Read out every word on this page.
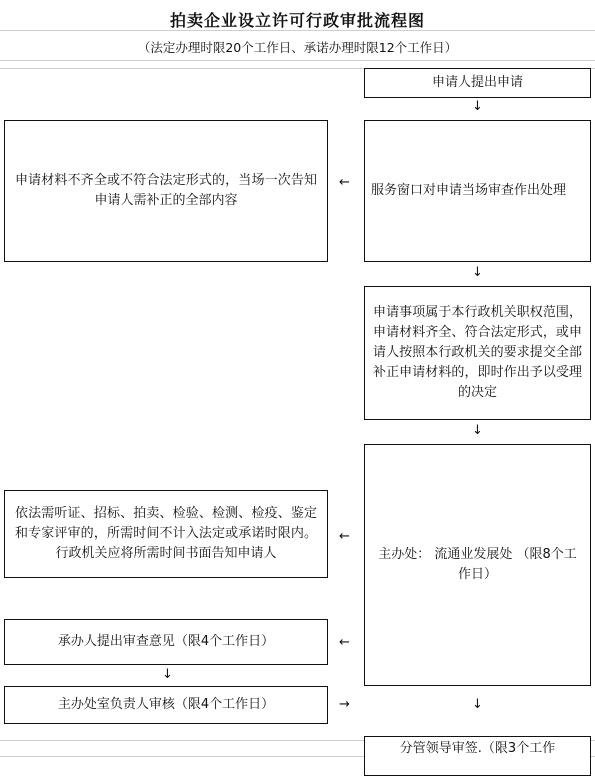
拍卖企业设立许可行政审批流程图
（法定办理时限20个工作日、承诺办理时限12个工作日）
申请人提出申请
↓
服务窗口对申请当场审查作出处理
↓
申请事项属于本行政机关职权范围，申请材料齐全、符合法定形式，或申请人按照本行政机关的要求提交全部补正申请材料的，即时作出予以受理的决定
↓
主办处： 流通业发展处 （限8个工作日）
↓
分管领导审签.（限3个工作
申请材料不齐全或不符合法定形式的，当场一次告知申请人需补正的全部内容
←
依法需听证、招标、拍卖、检验、检测、检疫、鉴定和专家评审的，所需时间不计入法定或承诺时限内。行政机关应将所需时间书面告知申请人
←
承办人提出审查意见（限4个工作日）	←
↓
主办处室负责人审核（限4个工作日）	→
